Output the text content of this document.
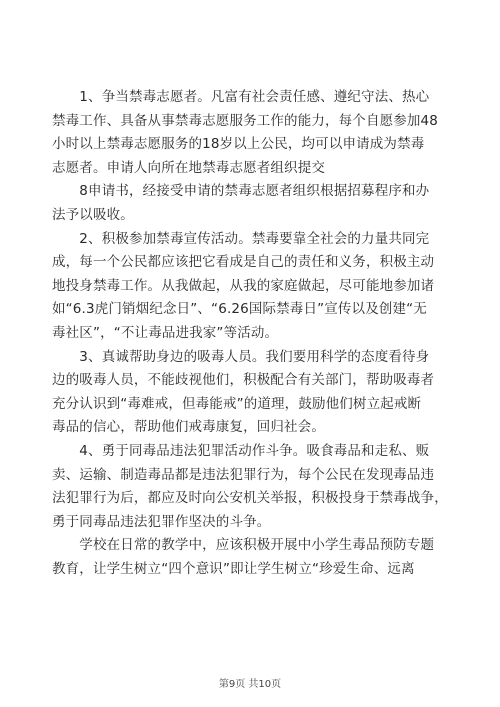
　　1、争当禁毒志愿者。凡富有社会责任感、遵纪守法、热心
禁毒工作、具备从事禁毒志愿服务工作的能力，每个自愿参加48
小时以上禁毒志愿服务的18岁以上公民，均可以申请成为禁毒
志愿者。申请人向所在地禁毒志愿者组织提交
　　8申请书，经接受申请的禁毒志愿者组织根据招募程序和办
法予以吸收。
　　2、积极参加禁毒宣传活动。禁毒要靠全社会的力量共同完
成，每一个公民都应该把它看成是自己的责任和义务，积极主动
地投身禁毒工作。从我做起，从我的家庭做起，尽可能地参加诸
如“6.3虎门销烟纪念日”、“6.26国际禁毒日”宣传以及创建“无
毒社区”，“不让毒品进我家”等活动。
　　3、真诚帮助身边的吸毒人员。我们要用科学的态度看待身
边的吸毒人员，不能歧视他们，积极配合有关部门，帮助吸毒者
充分认识到“毒难戒，但毒能戒”的道理，鼓励他们树立起戒断
毒品的信心，帮助他们戒毒康复，回归社会。
　　4、勇于同毒品违法犯罪活动作斗争。吸食毒品和走私、贩
卖、运输、制造毒品都是违法犯罪行为，每个公民在发现毒品违
法犯罪行为后，都应及时向公安机关举报，积极投身于禁毒战争，
勇于同毒品违法犯罪作坚决的斗争。
　　学校在日常的教学中，应该积极开展中小学生毒品预防专题
教育，让学生树立“四个意识”即让学生树立“珍爱生命、远离
第9页 共10页
